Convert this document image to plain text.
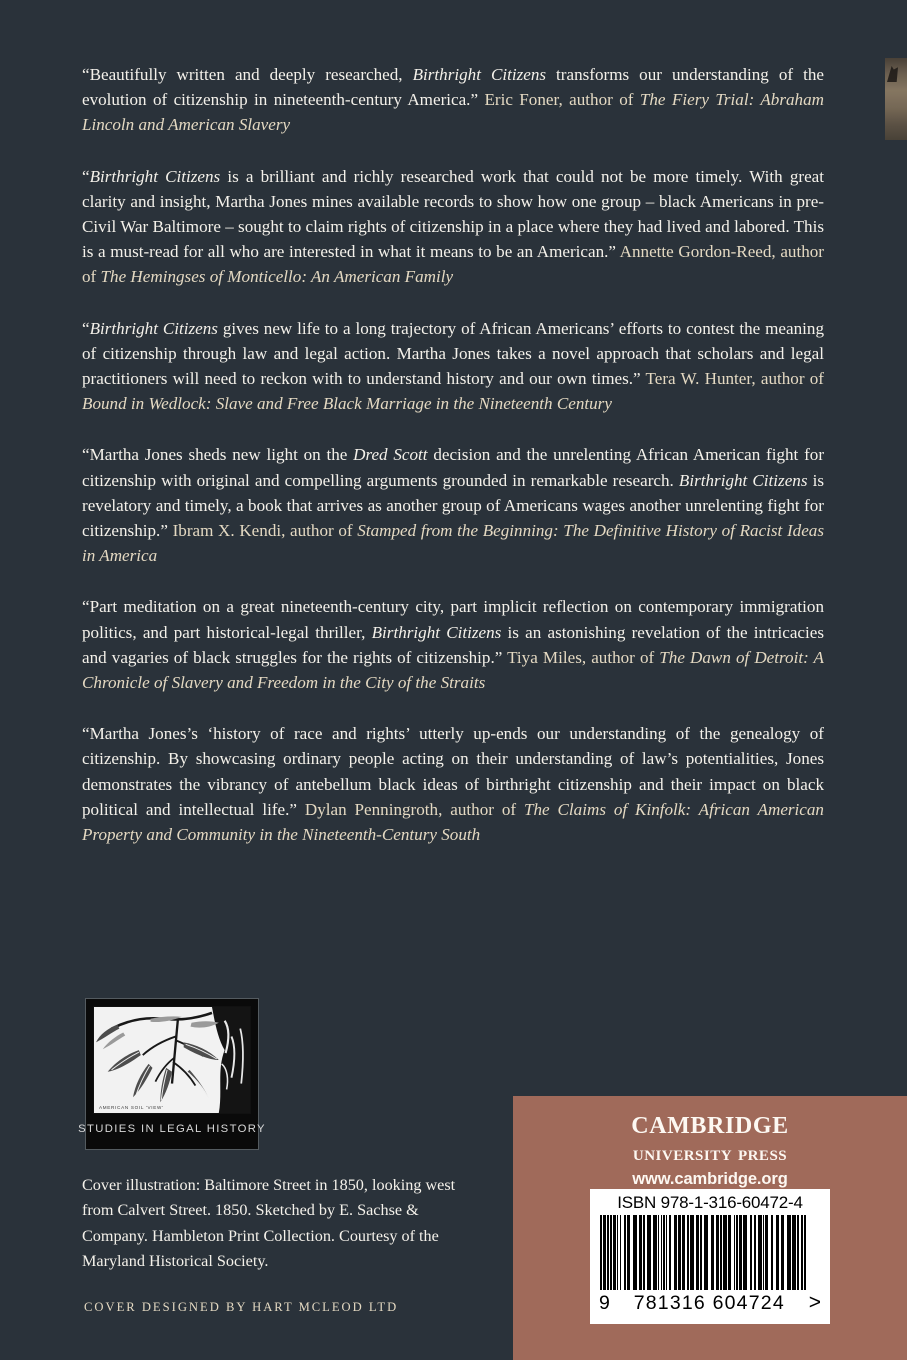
“Beautifully written and deeply researched, Birthright Citizens transforms our understanding of the evolution of citizenship in nineteenth-century America.” Eric Foner, author of The Fiery Trial: Abraham Lincoln and American Slavery

“Birthright Citizens is a brilliant and richly researched work that could not be more timely. With great clarity and insight, Martha Jones mines available records to show how one group – black Americans in pre-Civil War Baltimore – sought to claim rights of citizenship in a place where they had lived and labored. This is a must-read for all who are interested in what it means to be an American.” Annette Gordon-Reed, author of The Hemingses of Monticello: An American Family

“Birthright Citizens gives new life to a long trajectory of African Americans’ efforts to contest the meaning of citizenship through law and legal action. Martha Jones takes a novel approach that scholars and legal practitioners will need to reckon with to understand history and our own times.” Tera W. Hunter, author of Bound in Wedlock: Slave and Free Black Marriage in the Nineteenth Century

“Martha Jones sheds new light on the Dred Scott decision and the unrelenting African American fight for citizenship with original and compelling arguments grounded in remarkable research. Birthright Citizens is revelatory and timely, a book that arrives as another group of Americans wages another unrelenting fight for citizenship.” Ibram X. Kendi, author of Stamped from the Beginning: The Definitive History of Racist Ideas in America

“Part meditation on a great nineteenth-century city, part implicit reflection on contemporary immigration politics, and part historical-legal thriller, Birthright Citizens is an astonishing revelation of the intricacies and vagaries of black struggles for the rights of citizenship.” Tiya Miles, author of The Dawn of Detroit: A Chronicle of Slavery and Freedom in the City of the Straits

“Martha Jones’s ‘history of race and rights’ utterly up-ends our understanding of the genealogy of citizenship. By showcasing ordinary people acting on their understanding of law’s potentialities, Jones demonstrates the vibrancy of antebellum black ideas of birthright citizenship and their impact on black political and intellectual life.” Dylan Penningroth, author of The Claims of Kinfolk: African American Property and Community in the Nineteenth-Century South

AMERICAN SOIL 'VIEW'
STUDIES IN LEGAL HISTORY
Cover illustration: Baltimore Street in 1850, looking west from Calvert Street. 1850. Sketched by E. Sachse & Company. Hambleton Print Collection. Courtesy of the Maryland Historical Society.
COVER DESIGNED BY HART MCLEOD LTD
cambridge
university press
www.cambridge.org
ISBN 978-1-316-60472-4
9 781316 604724 >
